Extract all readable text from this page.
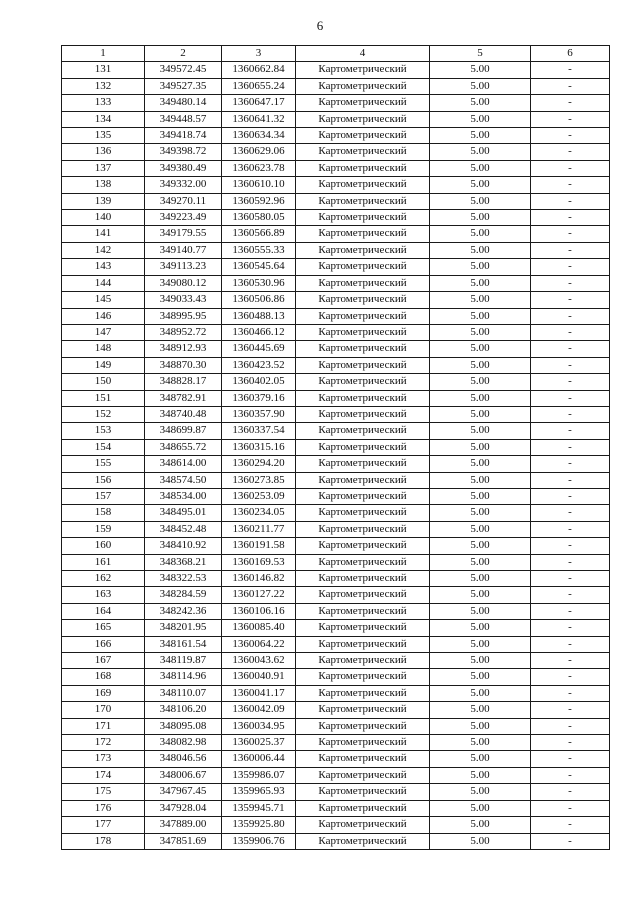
6
1	2	3	4	5	6
131	349572.45	1360662.84	Картометрический	5.00	-
132	349527.35	1360655.24	Картометрический	5.00	-
133	349480.14	1360647.17	Картометрический	5.00	-
134	349448.57	1360641.32	Картометрический	5.00	-
135	349418.74	1360634.34	Картометрический	5.00	-
136	349398.72	1360629.06	Картометрический	5.00	-
137	349380.49	1360623.78	Картометрический	5.00	-
138	349332.00	1360610.10	Картометрический	5.00	-
139	349270.11	1360592.96	Картометрический	5.00	-
140	349223.49	1360580.05	Картометрический	5.00	-
141	349179.55	1360566.89	Картометрический	5.00	-
142	349140.77	1360555.33	Картометрический	5.00	-
143	349113.23	1360545.64	Картометрический	5.00	-
144	349080.12	1360530.96	Картометрический	5.00	-
145	349033.43	1360506.86	Картометрический	5.00	-
146	348995.95	1360488.13	Картометрический	5.00	-
147	348952.72	1360466.12	Картометрический	5.00	-
148	348912.93	1360445.69	Картометрический	5.00	-
149	348870.30	1360423.52	Картометрический	5.00	-
150	348828.17	1360402.05	Картометрический	5.00	-
151	348782.91	1360379.16	Картометрический	5.00	-
152	348740.48	1360357.90	Картометрический	5.00	-
153	348699.87	1360337.54	Картометрический	5.00	-
154	348655.72	1360315.16	Картометрический	5.00	-
155	348614.00	1360294.20	Картометрический	5.00	-
156	348574.50	1360273.85	Картометрический	5.00	-
157	348534.00	1360253.09	Картометрический	5.00	-
158	348495.01	1360234.05	Картометрический	5.00	-
159	348452.48	1360211.77	Картометрический	5.00	-
160	348410.92	1360191.58	Картометрический	5.00	-
161	348368.21	1360169.53	Картометрический	5.00	-
162	348322.53	1360146.82	Картометрический	5.00	-
163	348284.59	1360127.22	Картометрический	5.00	-
164	348242.36	1360106.16	Картометрический	5.00	-
165	348201.95	1360085.40	Картометрический	5.00	-
166	348161.54	1360064.22	Картометрический	5.00	-
167	348119.87	1360043.62	Картометрический	5.00	-
168	348114.96	1360040.91	Картометрический	5.00	-
169	348110.07	1360041.17	Картометрический	5.00	-
170	348106.20	1360042.09	Картометрический	5.00	-
171	348095.08	1360034.95	Картометрический	5.00	-
172	348082.98	1360025.37	Картометрический	5.00	-
173	348046.56	1360006.44	Картометрический	5.00	-
174	348006.67	1359986.07	Картометрический	5.00	-
175	347967.45	1359965.93	Картометрический	5.00	-
176	347928.04	1359945.71	Картометрический	5.00	-
177	347889.00	1359925.80	Картометрический	5.00	-
178	347851.69	1359906.76	Картометрический	5.00	-
